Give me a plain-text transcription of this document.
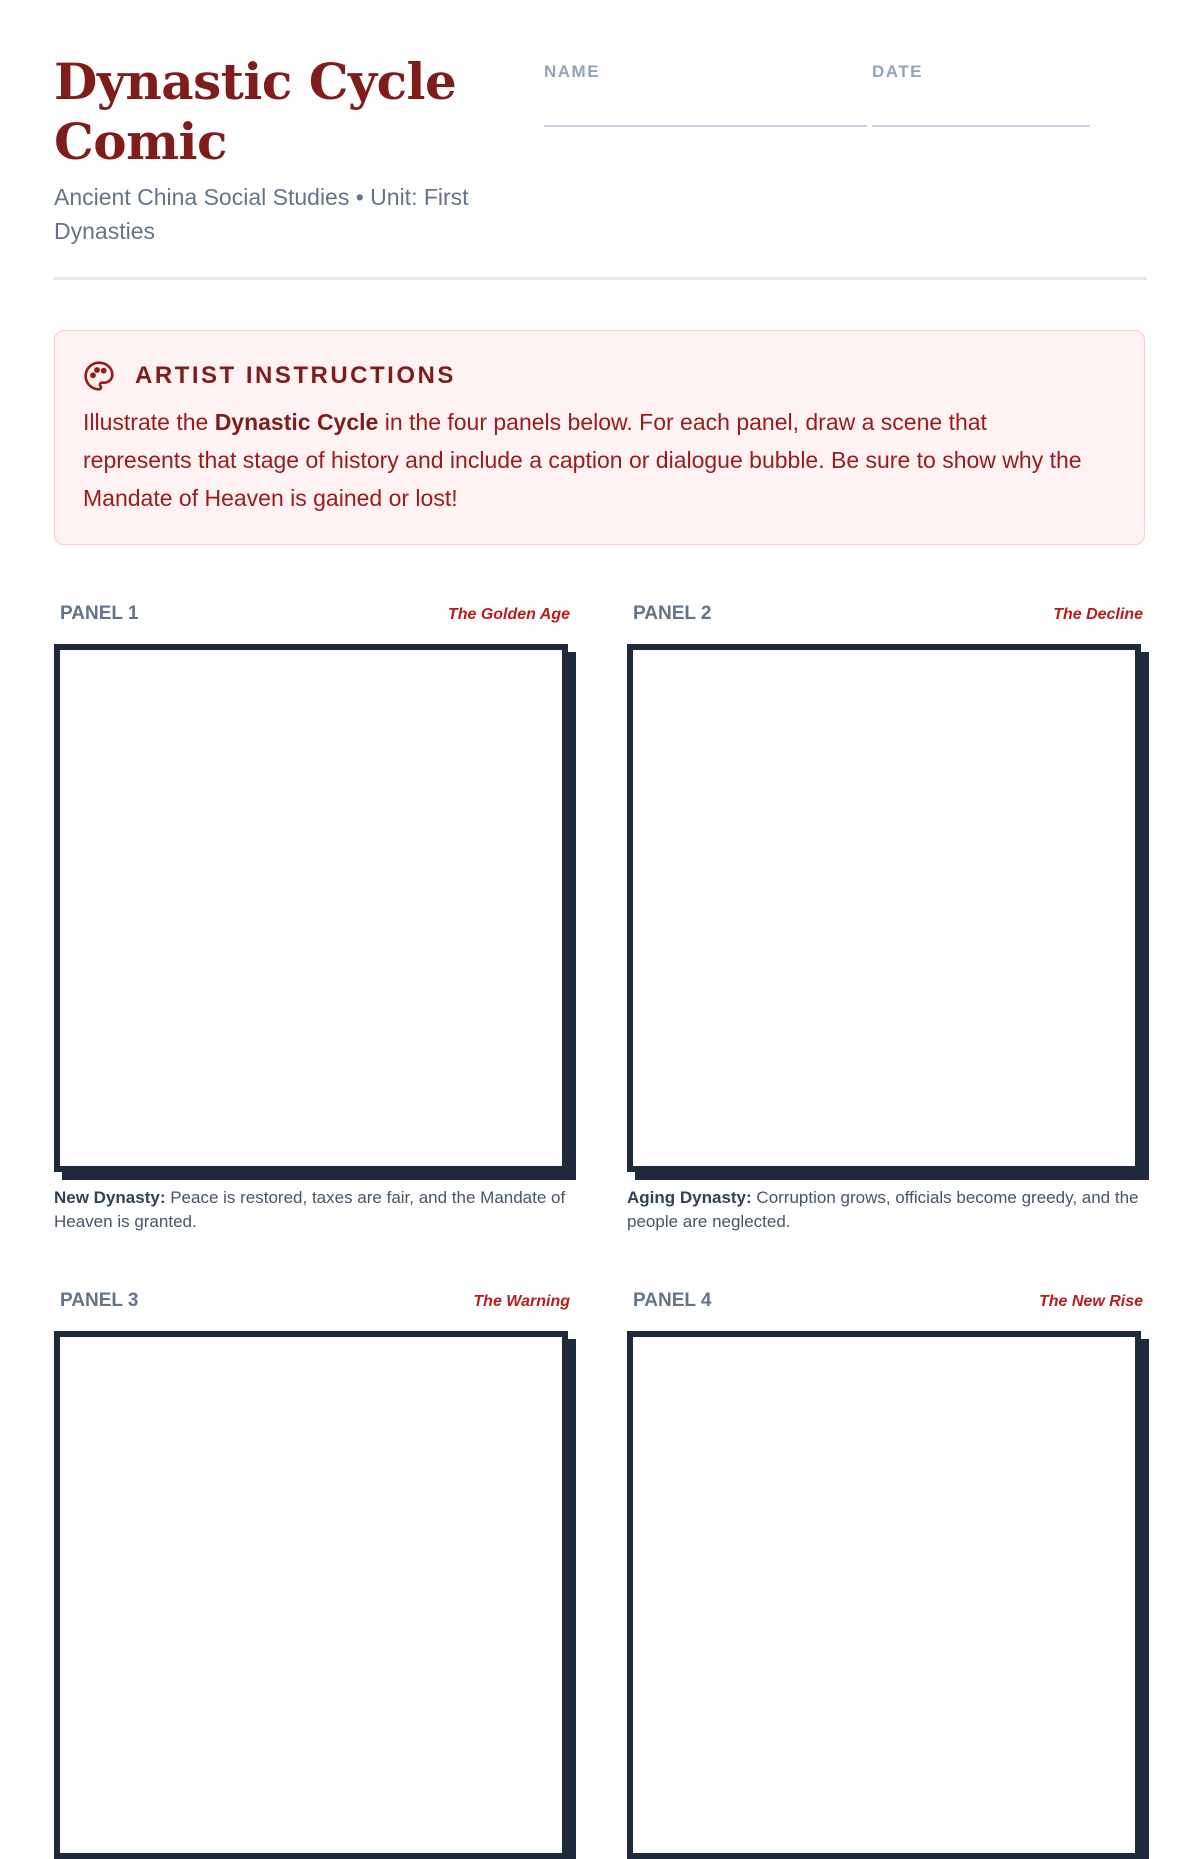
Dynastic Cycle Comic
Ancient China Social Studies • Unit: First Dynasties
NAME	DATE
ARTIST INSTRUCTIONS
Illustrate the Dynastic Cycle in the four panels below. For each panel, draw a scene that represents that stage of history and include a caption or dialogue bubble. Be sure to show why the Mandate of Heaven is gained or lost!
PANEL 1	The Golden Age
New Dynasty: Peace is restored, taxes are fair, and the Mandate of Heaven is granted.
PANEL 2	The Decline
Aging Dynasty: Corruption grows, officials become greedy, and the people are neglected.
PANEL 3	The Warning	PANEL 4	The New Rise
